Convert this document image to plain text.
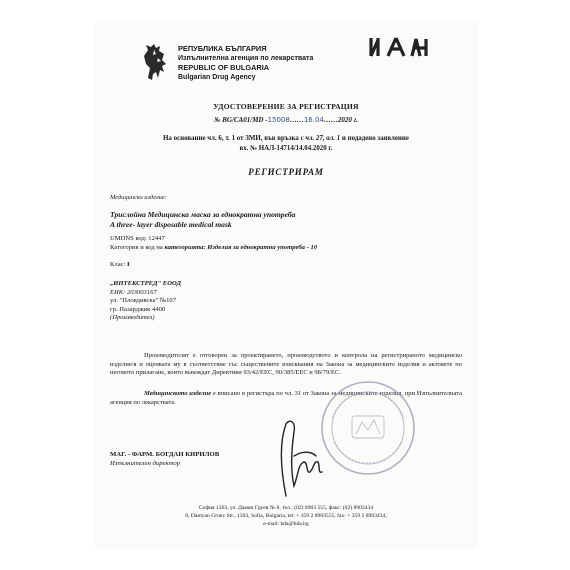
РЕПУБЛИКА БЪЛГАРИЯ
Изпълнителна агенция по лекарствата
REPUBLIC OF BULGARIA
Bulgarian Drug Agency
УДОСТОВЕРЕНИЕ ЗА РЕГИСТРАЦИЯ
№ BG/CA01/MD -15008……16.04……2020 г.
На основание чл. 6, т. 1 от ЗМИ, във връзка с чл. 27, ал. 1 и подадено заявление
вх. № НАЛ-14714/14.04.2020 г.
РЕГИСТРИРАМ
Медицинско изделие:
Трислойна Медицинска маска за еднократна употреба
A three- layer disposable medical mask
UMDNS код: 12447
Категория и код на категорията: Изделия за еднократна употреба - 10
Клас: I
„ИНТЕКСТРЕД" ЕООД
ЕИК: 203003167
ул. "Пловдивска" №107
гр. Пазарджик 4400
(Производител)
Производителят е отговорен за проектирането, производството и контрола на регистрираното медицинско изделие/я и оценката му в съответствие със съществените изисквания на Закона за медицинските изделия и актовете по неговото прилагане, които въвеждат Директиви 93/42/ЕЕС, 90/385/ЕЕС и 98/79/ЕС.
Медицинското изделие е вписано в регистъра по чл. 31 от Закона за медицинските изделия, при Изпълнителната агенция по лекарствата.
МАГ. - ФАРМ. БОГДАН КИРИЛОВ
Изпълнителен директор
София 1303, ул. Дамян Груев № 8, тел.: (02) 8903 555, факс: (02) 8903434
8, Damyan Gruev Str., 1303, Sofia, Bulgaria, tel: + 359 2 8903555, fax: + 359 2 8903434,
e-mail: bda@bda.bg
